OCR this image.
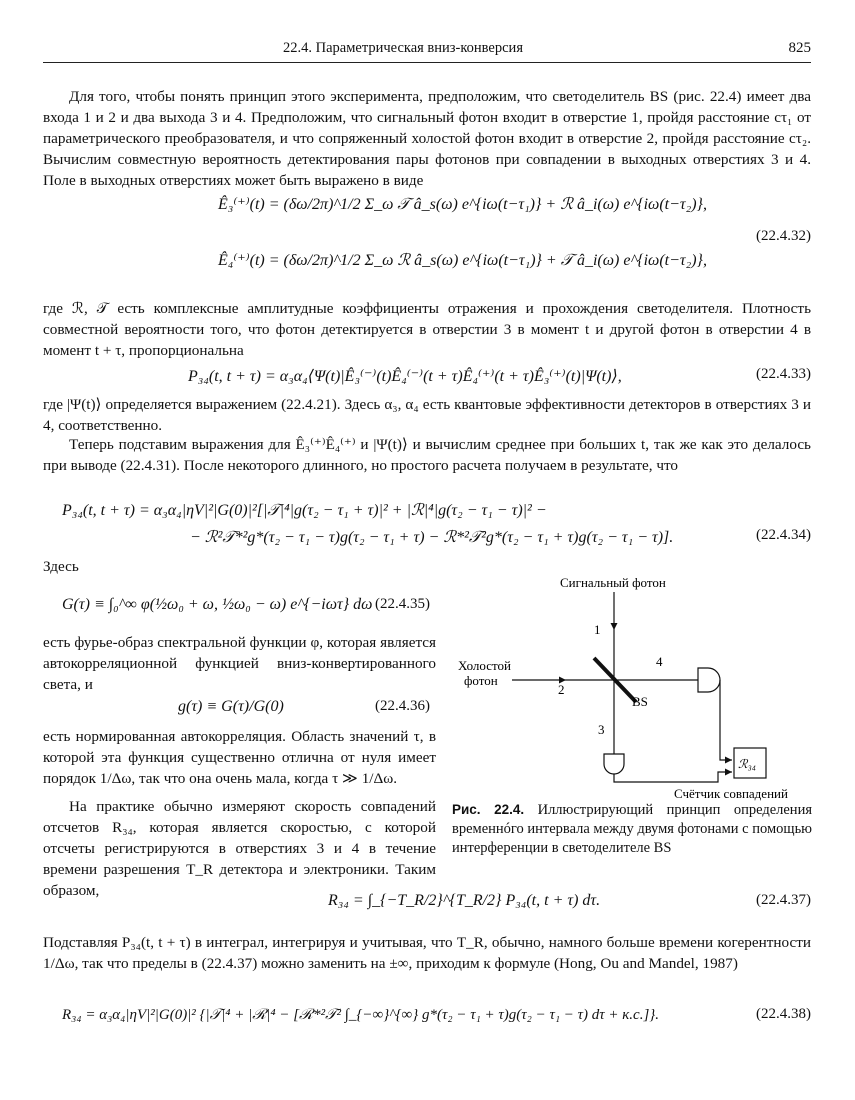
22.4. Параметрическая вниз-конверсия	825

Для того, чтобы понять принцип этого эксперимента, предположим, что светоделитель BS (рис. 22.4) имеет два входа 1 и 2 и два выхода 3 и 4. Предположим, что сигнальный фотон входит в отверстие 1, пройдя расстояние cτ₁ от параметрического преобразователя, и что сопряженный холостой фотон входит в отверстие 2, пройдя расстояние cτ₂. Вычислим совместную вероятность детектирования пары фотонов при совпадении в выходных отверстиях 3 и 4. Поле в выходных отверстиях может быть выражено в виде

Ê₃⁽⁺⁾(t) = (δω/2π)^1/2 Σ_ω 𝒯 â_s(ω) e^{iω(t−τ₁)} + ℛ â_i(ω) e^{iω(t−τ₂)},
Ê₄⁽⁺⁾(t) = (δω/2π)^1/2 Σ_ω ℛ â_s(ω) e^{iω(t−τ₁)} + 𝒯 â_i(ω) e^{iω(t−τ₂)},
(22.4.32)

где ℛ, 𝒯 есть комплексные амплитудные коэффициенты отражения и прохождения светоделителя. Плотность совместной вероятности того, что фотон детектируется в отверстии 3 в момент t и другой фотон в отверстии 4 в момент t + τ, пропорциональна

P₃₄(t, t + τ) = α₃α₄⟨Ψ(t)|Ê₃⁽⁻⁾(t)Ê₄⁽⁻⁾(t + τ)Ê₄⁽⁺⁾(t + τ)Ê₃⁽⁺⁾(t)|Ψ(t)⟩,	(22.4.33)

где |Ψ(t)⟩ определяется выражением (22.4.21). Здесь α₃, α₄ есть квантовые эффективности детекторов в отверстиях 3 и 4, соответственно.

Теперь подставим выражения для Ê₃⁽⁺⁾Ê₄⁽⁺⁾ и |Ψ(t)⟩ и вычислим среднее при больших t, так же как это делалось при выводе (22.4.31). После некоторого длинного, но простого расчета получаем в результате, что

P₃₄(t, t + τ) = α₃α₄|ηV|²|G(0)|²[|𝒯|⁴|g(τ₂ − τ₁ + τ)|² + |ℛ|⁴|g(τ₂ − τ₁ − τ)|² −
− ℛ²𝒯*²g*(τ₂ − τ₁ − τ)g(τ₂ − τ₁ + τ) − ℛ*²𝒯²g*(τ₂ − τ₁ + τ)g(τ₂ − τ₁ − τ)].	(22.4.34)

Здесь

G(τ) ≡ ∫₀^∞ φ(½ω₀ + ω, ½ω₀ − ω) e^{−iωτ} dω (22.4.35)

есть фурье-образ спектральной функции φ, которая является автокорреляционной функцией вниз-конвертированного света, и

g(τ) ≡ G(τ)/G(0)	(22.4.36)

есть нормированная автокорреляция. Область значений τ, в которой эта функция существенно отлична от нуля имеет порядок 1/Δω, так что она очень мала, когда τ ≫ 1/Δω.

На практике обычно измеряют скорость совпадений отсчетов R₃₄, которая является скоростью, с которой отсчеты регистрируются в отверстиях 3 и 4 в течение времени разрешения T_R детектора и электроники. Таким образом,

R₃₄ = ∫_{−T_R/2}^{T_R/2} P₃₄(t, t + τ) dτ.	(22.4.37)

Подставляя P₃₄(t, t + τ) в интеграл, интегрируя и учитывая, что T_R, обычно, намного больше времени когерентности 1/Δω, так что пределы в (22.4.37) можно заменить на ±∞, приходим к формуле (Hong, Ou and Mandel, 1987)

R₃₄ = α₃α₄|ηV|²|G(0)|² {|𝒯|⁴ + |ℛ|⁴ − [ℛ*²𝒯² ∫_{−∞}^{∞} g*(τ₂ − τ₁ + τ)g(τ₂ − τ₁ − τ) dτ + к.с.]}.	(22.4.38)
Сигнальный фотон
1
Холостой
фотон
2
BS
4
3
ℛ₃₄
Счётчик совпадений

Рис. 22.4. Иллюстрирующий принцип определения временнóго интервала между двумя фотонами с помощью интерференции в светоделителе BS
